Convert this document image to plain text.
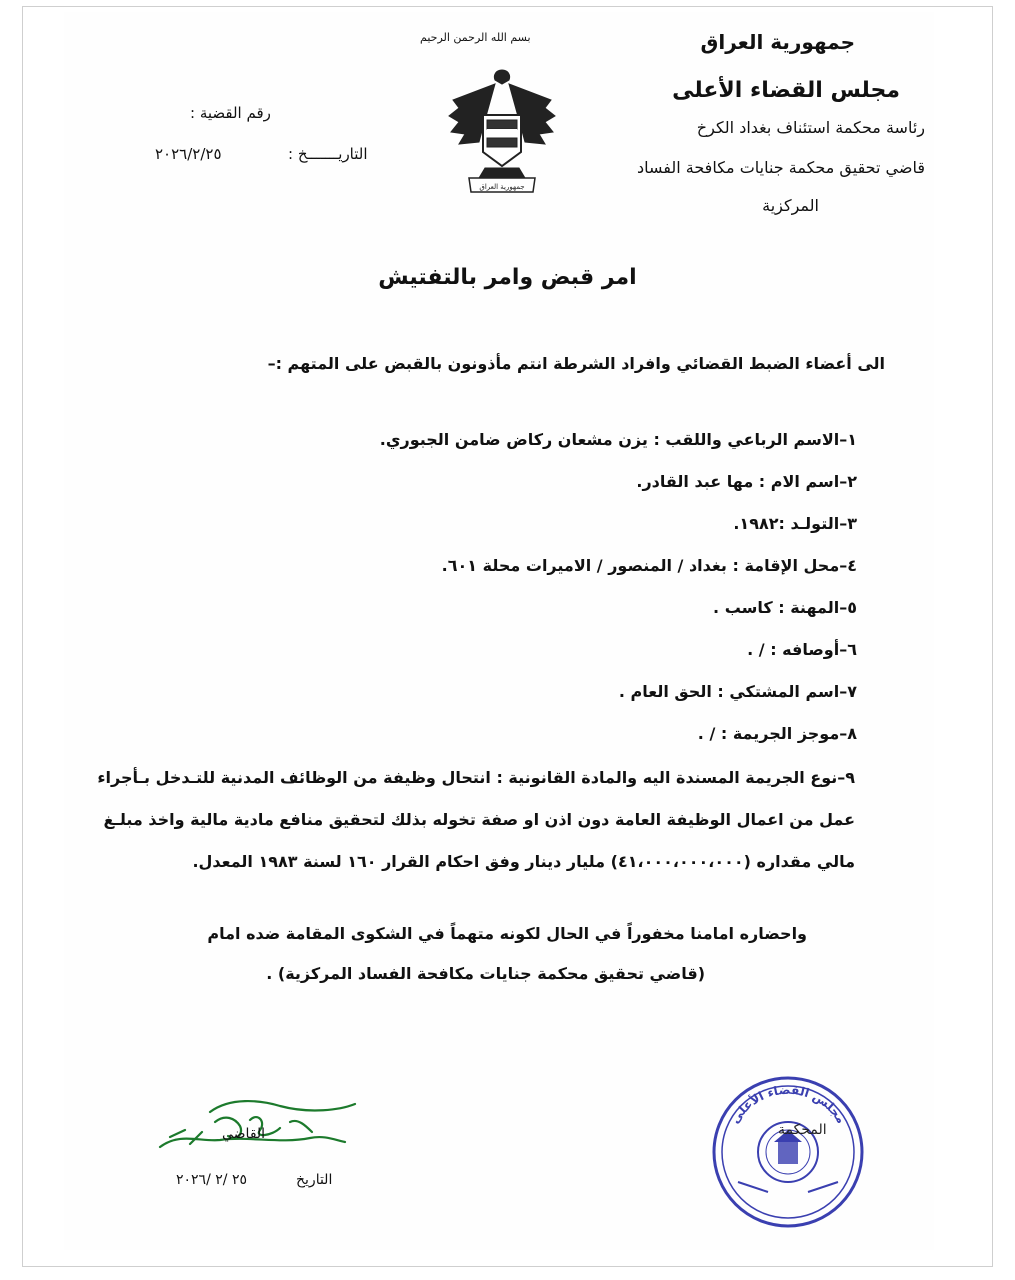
جمهورية العراق
مجلس القضاء الأعلى
رئاسة محكمة استئناف بغداد الكرخ
قاضي تحقيق محكمة جنايات مكافحة الفساد
المركزية
بسم الله الرحمن الرحيم
جمهورية العراق
رقم القضية :
التاريـــــــخ :
٢٠٢٦/٢/٢٥
امر قبض وامر بالتفتيش
الى أعضاء الضبط القضائي وافراد الشرطة انتم مأذونون بالقبض على المتهم :–
١–الاسم الرباعي واللقب : يزن مشعان ركاض ضامن الجبوري.
٢–اسم الام : مها عبد القادر.
٣–التولـد :١٩٨٢.
٤–محل الإقامة : بغداد / المنصور / الاميرات محلة ٦٠١.
٥–المهنة : كاسب .
٦–أوصافه : / .
٧–اسم المشتكي : الحق العام .
٨–موجز الجريمة : / .
٩–نوع الجريمة المسندة اليه والمادة القانونية : انتحال وظيفة من الوظائف المدنية للتـدخل بـأجراء
عمل من اعمال الوظيفة العامة دون اذن او صفة تخوله بذلك لتحقيق منافع مادية مالية واخذ مبلـغ
مالي مقداره (٤١،٠٠٠،٠٠٠،٠٠٠) مليار دينار وفق احكام القرار ١٦٠ لسنة ١٩٨٣ المعدل.
واحضاره امامنا مخفوراً في الحال لكونه متهماً في الشكوى المقامة ضده امام
(قاضي تحقيق محكمة جنايات مكافحة الفساد المركزية) .
القاضي
التاريخ
٢٥ /٢ /٢٠٢٦
مجلس القضاء الأعلى
المحكمة
